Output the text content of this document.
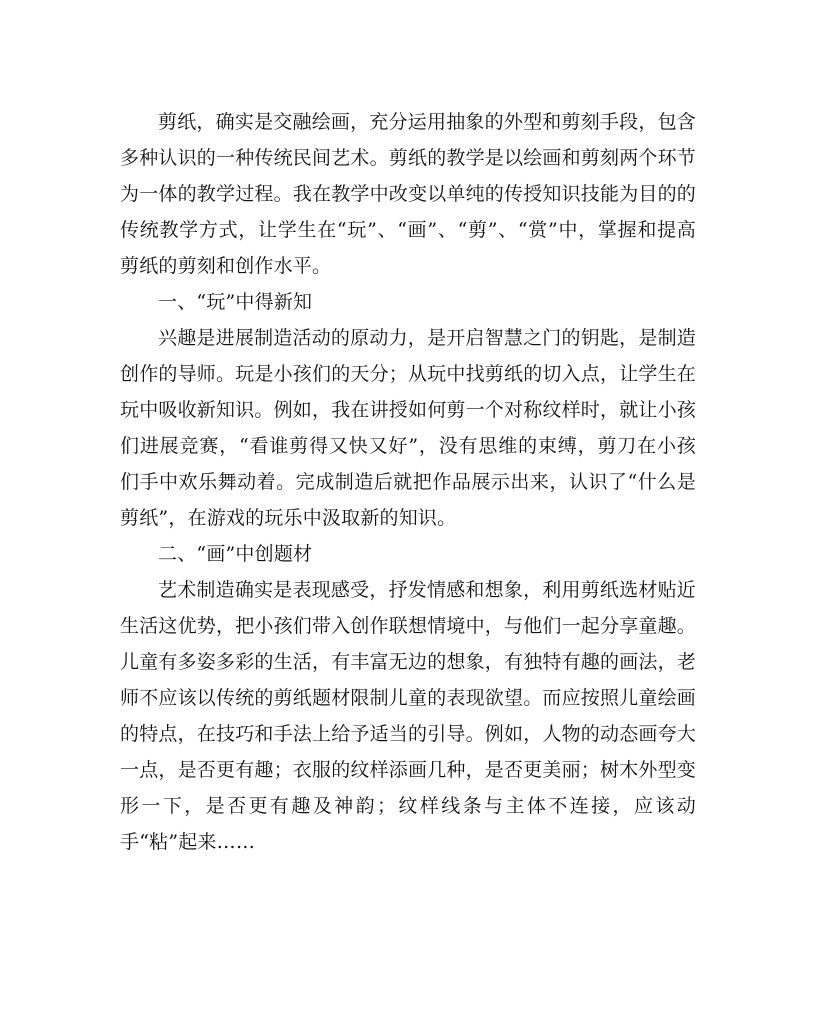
剪纸，确实是交融绘画，充分运用抽象的外型和剪刻手段，包含多种认识的一种传统民间艺术。剪纸的教学是以绘画和剪刻两个环节为一体的教学过程。我在教学中改变以单纯的传授知识技能为目的的传统教学方式，让学生在“玩”、“画”、“剪”、“赏”中，掌握和提高剪纸的剪刻和创作水平。

一、“玩”中得新知

兴趣是进展制造活动的原动力，是开启智慧之门的钥匙，是制造创作的导师。玩是小孩们的天分；从玩中找剪纸的切入点，让学生在玩中吸收新知识。例如，我在讲授如何剪一个对称纹样时，就让小孩们进展竞赛，“看谁剪得又快又好”，没有思维的束缚，剪刀在小孩们手中欢乐舞动着。完成制造后就把作品展示出来，认识了“什么是剪纸”，在游戏的玩乐中汲取新的知识。

二、“画”中创题材

艺术制造确实是表现感受，抒发情感和想象，利用剪纸选材贴近生活这优势，把小孩们带入创作联想情境中，与他们一起分享童趣。儿童有多姿多彩的生活，有丰富无边的想象，有独特有趣的画法，老师不应该以传统的剪纸题材限制儿童的表现欲望。而应按照儿童绘画的特点，在技巧和手法上给予适当的引导。例如，人物的动态画夸大一点，是否更有趣；衣服的纹样添画几种，是否更美丽；树木外型变形一下，是否更有趣及神韵；纹样线条与主体不连接，应该动手“粘”起来……
